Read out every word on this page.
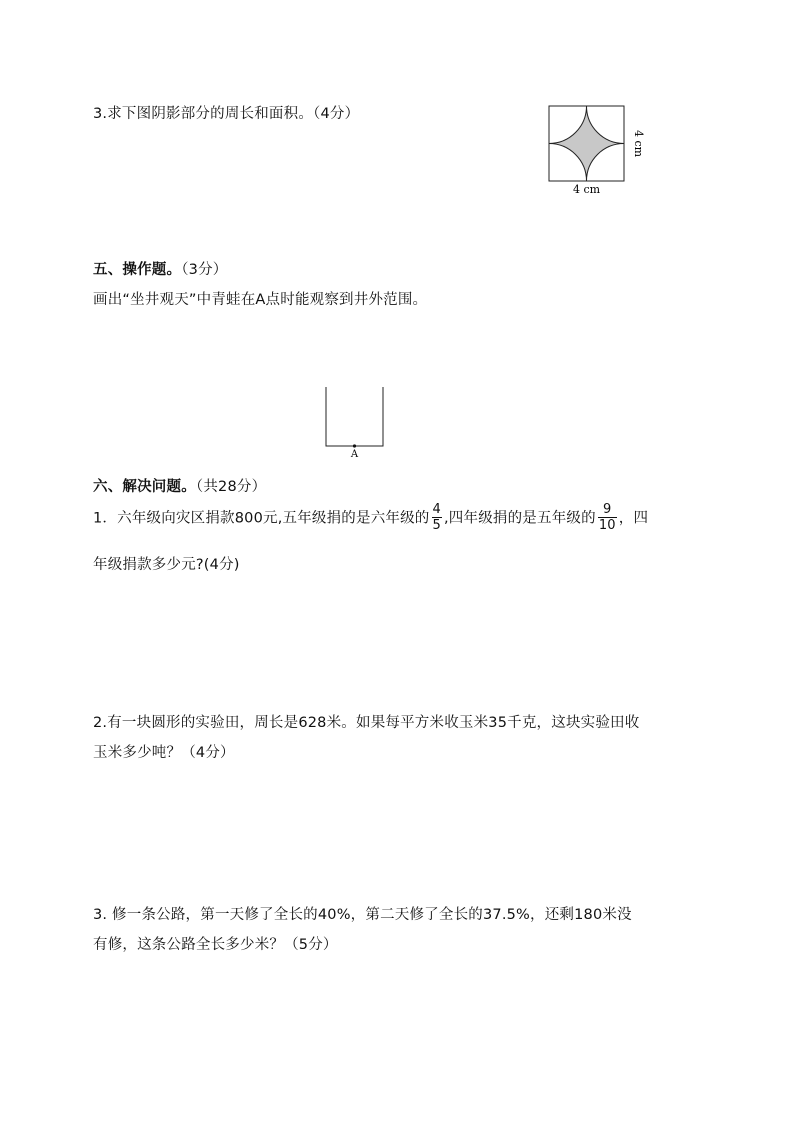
3.求下图阴影部分的周长和面积。（4分）
4 cm
4 cm
五、操作题。（3分）
画出“坐井观天”中青蛙在A点时能观察到井外范围。
A
六、解决问题。（共28分）
1．六年级向灾区捐款800元,五年级捐的是六年级的 $\frac{4}{5}$ ,四年级捐的是五年级的 $\frac{9}{10}$ ，四
年级捐款多少元?(4分)
2.有一块圆形的实验田，周长是628米。如果每平方米收玉米35千克，这块实验田收
玉米多少吨？（4分）
3. 修一条公路，第一天修了全长的40%，第二天修了全长的37.5%，还剩180米没
有修，这条公路全长多少米？（5分）
